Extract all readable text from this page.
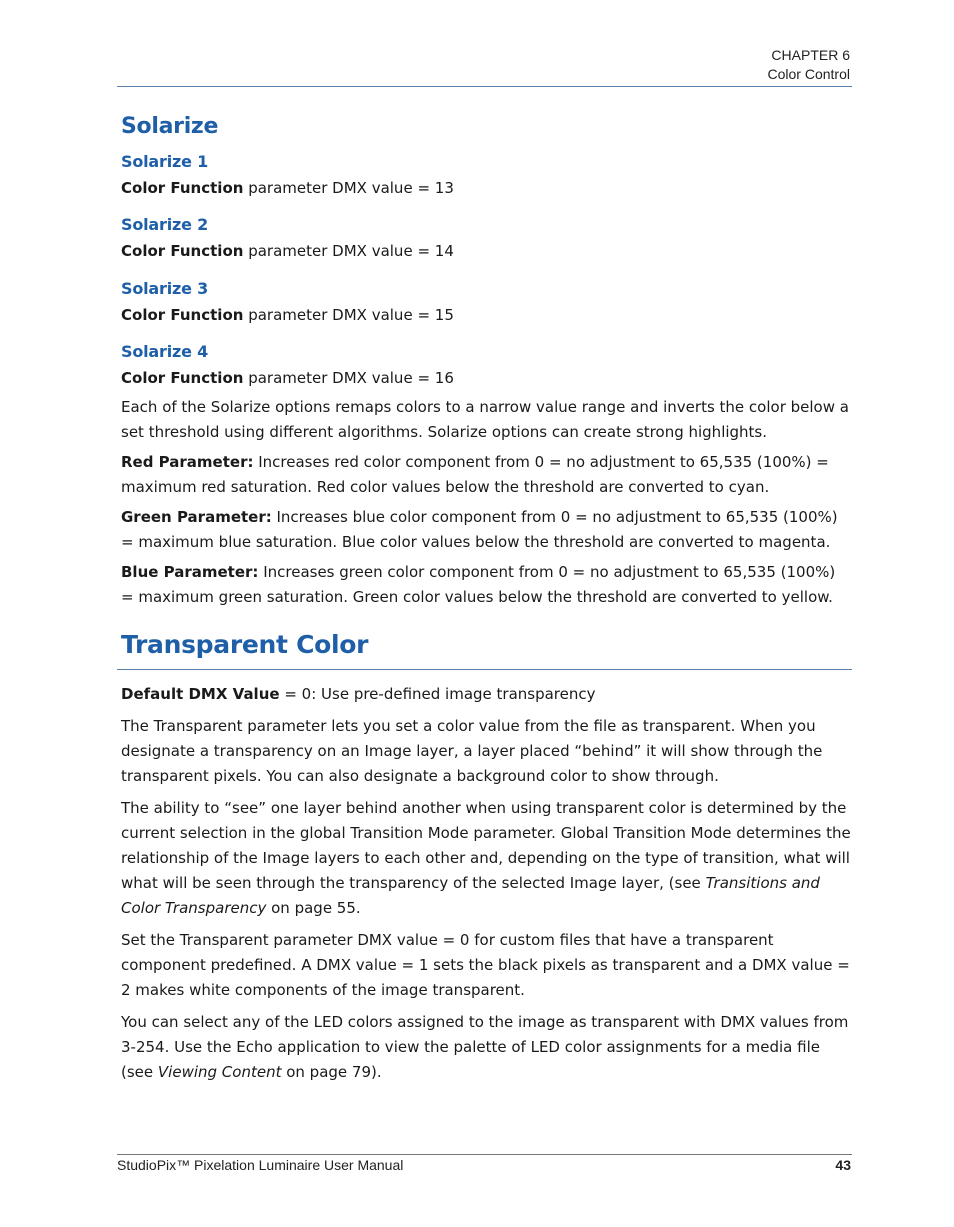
CHAPTER 6
Color Control
Solarize
Solarize 1
Color Function parameter DMX value = 13
Solarize 2
Color Function parameter DMX value = 14
Solarize 3
Color Function parameter DMX value = 15
Solarize 4
Color Function parameter DMX value = 16

Each of the Solarize options remaps colors to a narrow value range and inverts the color below a set threshold using different algorithms. Solarize options can create strong highlights.

Red Parameter: Increases red color component from 0 = no adjustment to 65,535 (100%) = maximum red saturation. Red color values below the threshold are converted to cyan.

Green Parameter: Increases blue color component from 0 = no adjustment to 65,535 (100%) = maximum blue saturation. Blue color values below the threshold are converted to magenta.

Blue Parameter: Increases green color component from 0 = no adjustment to 65,535 (100%) = maximum green saturation. Green color values below the threshold are converted to yellow.

Transparent Color

Default DMX Value = 0: Use pre-defined image transparency

The Transparent parameter lets you set a color value from the file as transparent. When you designate a transparency on an Image layer, a layer placed “behind” it will show through the transparent pixels. You can also designate a background color to show through.

The ability to “see” one layer behind another when using transparent color is determined by the current selection in the global Transition Mode parameter. Global Transition Mode determines the relationship of the Image layers to each other and, depending on the type of transition, what will what will be seen through the transparency of the selected Image layer, (see Transitions and Color Transparency on page 55.

Set the Transparent parameter DMX value = 0 for custom files that have a transparent component predefined. A DMX value = 1 sets the black pixels as transparent and a DMX value = 2 makes white components of the image transparent.

You can select any of the LED colors assigned to the image as transparent with DMX values from 3-254. Use the Echo application to view the palette of LED color assignments for a media file (see Viewing Content on page 79).

StudioPix™ Pixelation Luminaire User Manual	43
